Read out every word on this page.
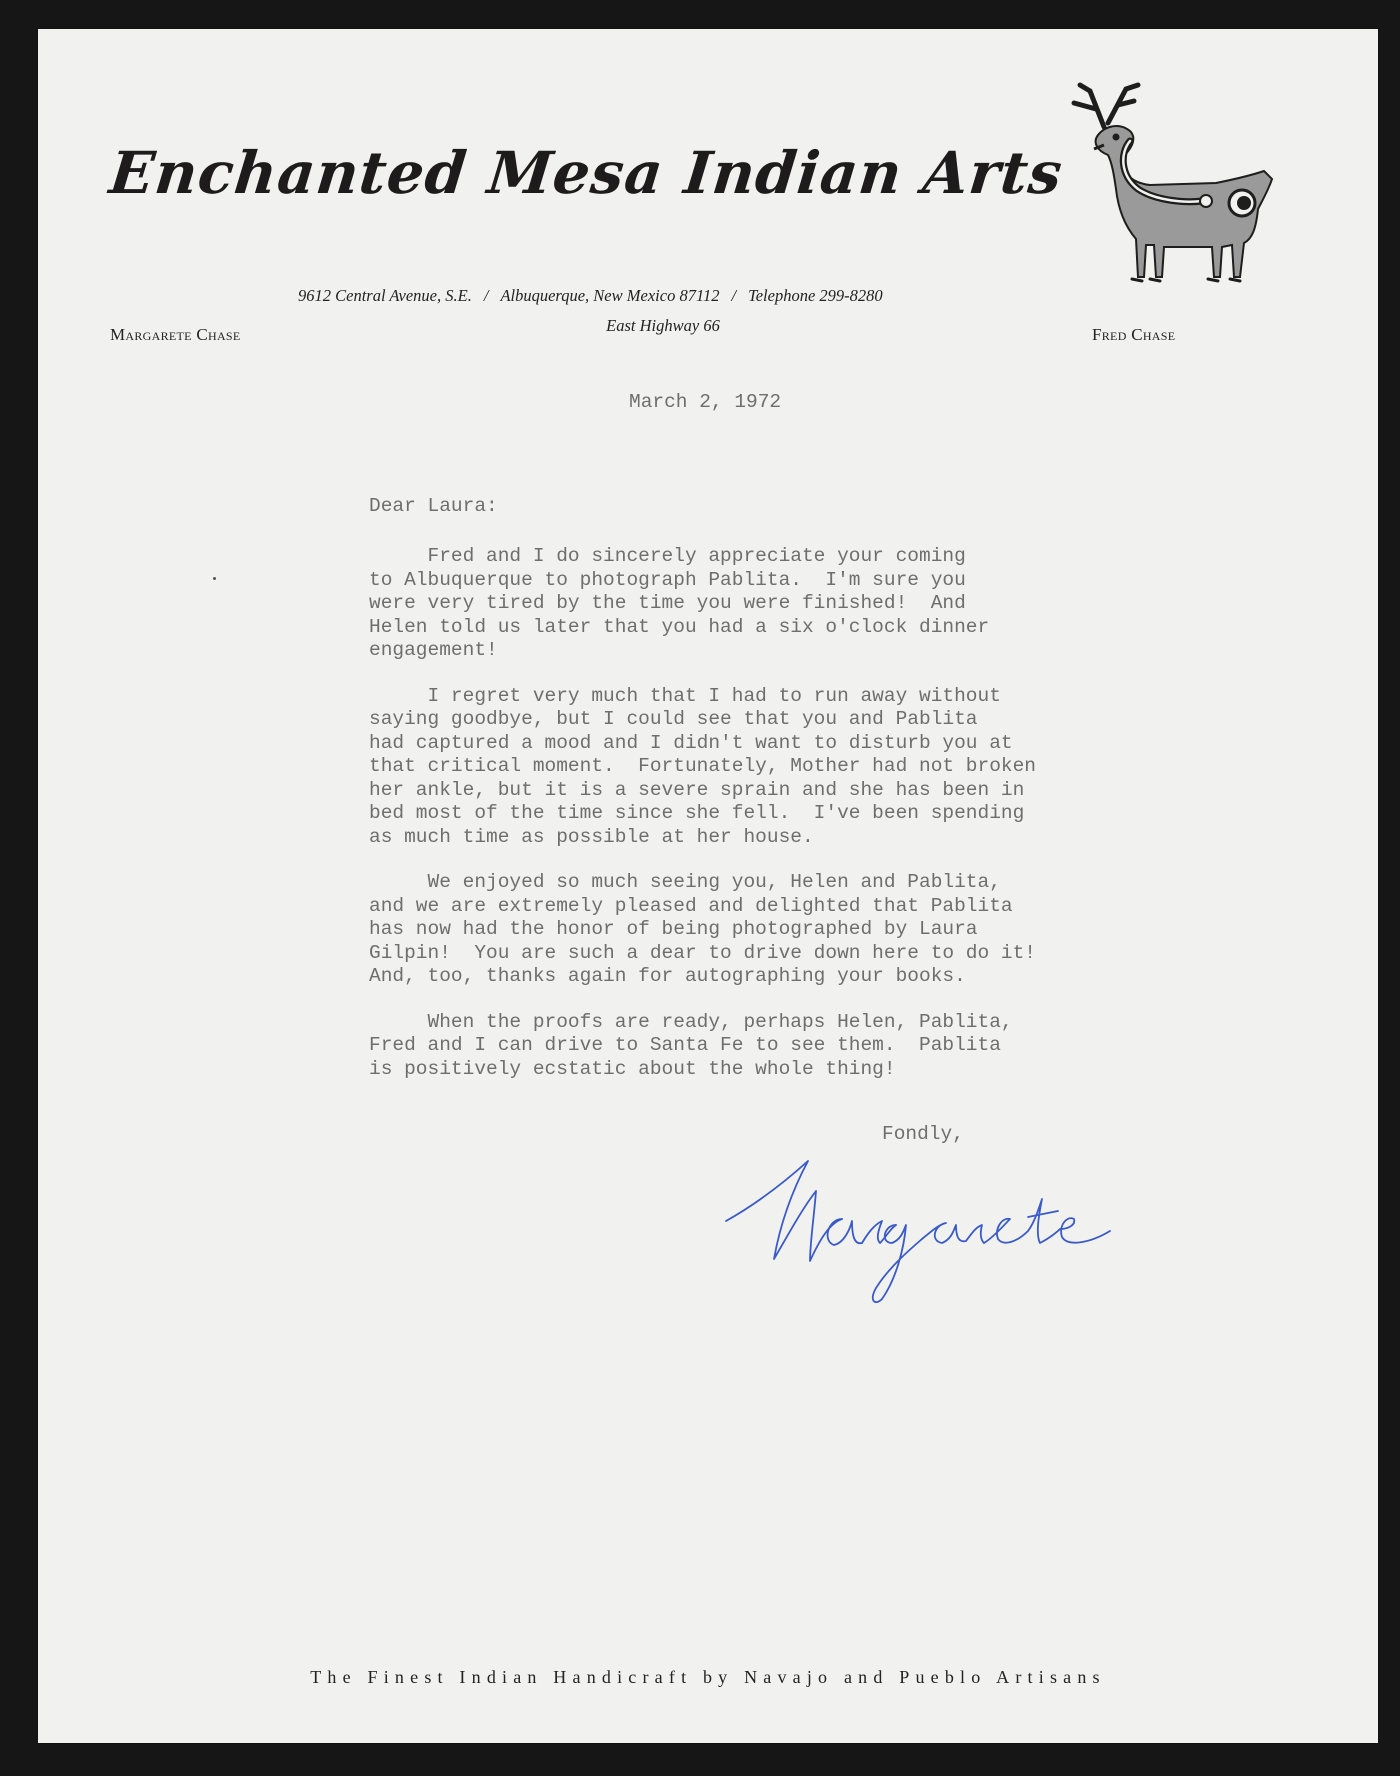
Enchanted Mesa Indian Arts
9612 Central Avenue, S.E. / Albuquerque, New Mexico 87112 / Telephone 299-8280
East Highway 66
Margarete Chase	Fred Chase
March 2, 1972
Dear Laura:

Fred and I do sincerely appreciate your coming
to Albuquerque to photograph Pablita.  I'm sure you
were very tired by the time you were finished!  And
Helen told us later that you had a six o'clock dinner
engagement!

I regret very much that I had to run away without
saying goodbye, but I could see that you and Pablita
had captured a mood and I didn't want to disturb you at
that critical moment.  Fortunately, Mother had not broken
her ankle, but it is a severe sprain and she has been in
bed most of the time since she fell.  I've been spending
as much time as possible at her house.

We enjoyed so much seeing you, Helen and Pablita,
and we are extremely pleased and delighted that Pablita
has now had the honor of being photographed by Laura
Gilpin!  You are such a dear to drive down here to do it!
And, too, thanks again for autographing your books.

When the proofs are ready, perhaps Helen, Pablita,
Fred and I can drive to Santa Fe to see them.  Pablita
is positively ecstatic about the whole thing!

Fondly,
The Finest Indian Handicraft by Navajo and Pueblo Artisans
